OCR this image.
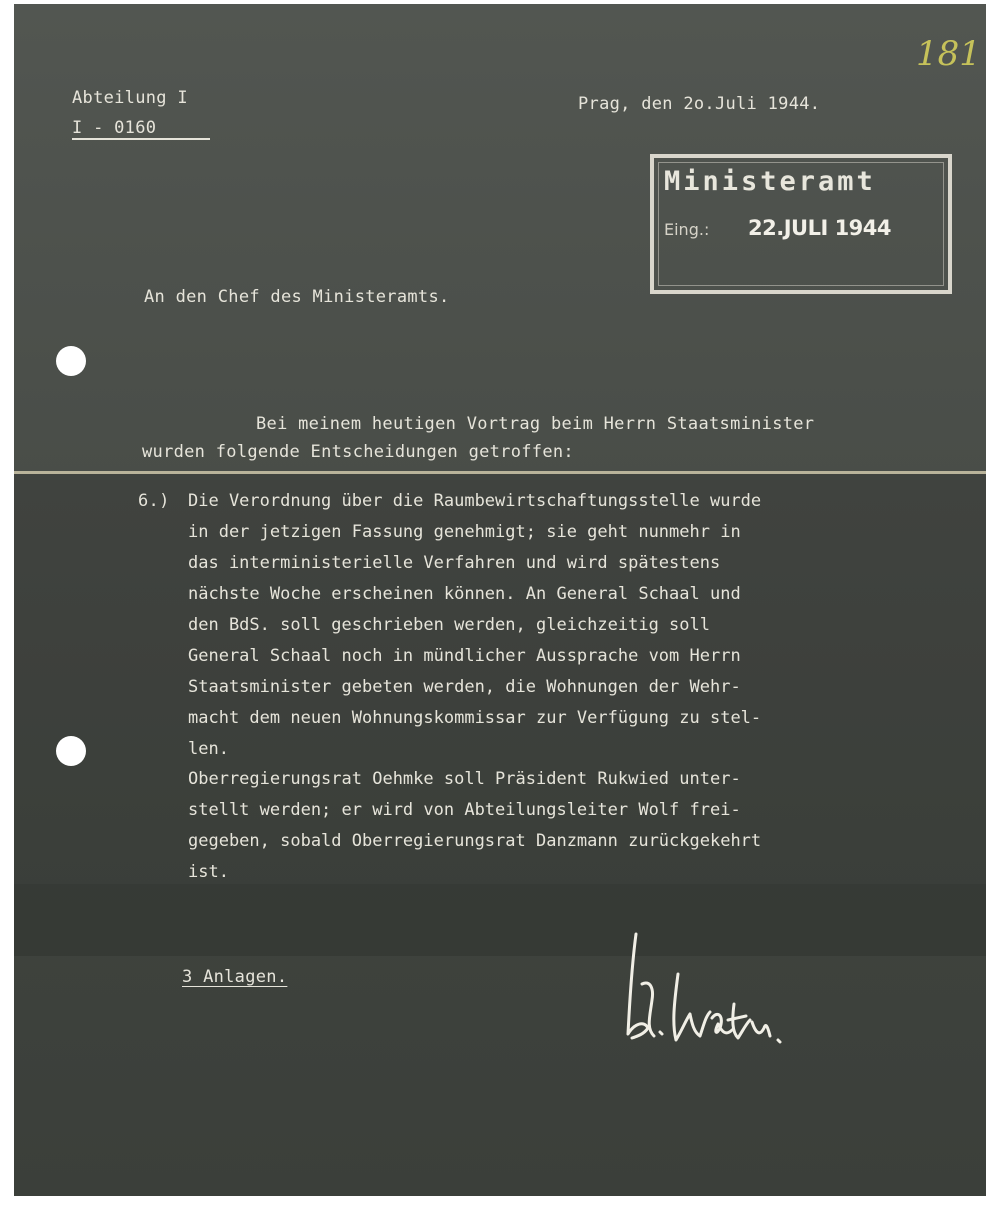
181
Abteilung I
I - 0160
Prag, den 2o.Juli 1944.
Ministeramt
Eing.: 22.JULI 1944
An den Chef des Ministeramts.
Bei meinem heutigen Vortrag beim Herrn Staatsminister
wurden folgende Entscheidungen getroffen:
6.) Die Verordnung über die Raumbewirtschaftungsstelle wurde
in der jetzigen Fassung genehmigt; sie geht nunmehr in
das interministerielle Verfahren und wird spätestens
nächste Woche erscheinen können. An General Schaal und
den BdS. soll geschrieben werden, gleichzeitig soll
General Schaal noch in mündlicher Aussprache vom Herrn
Staatsminister gebeten werden, die Wohnungen der Wehr-
macht dem neuen Wohnungskommissar zur Verfügung zu stel-
len.
Oberregierungsrat Oehmke soll Präsident Rukwied unter-
stellt werden; er wird von Abteilungsleiter Wolf frei-
gegeben, sobald Oberregierungsrat Danzmann zurückgekehrt
ist.
3 Anlagen.
